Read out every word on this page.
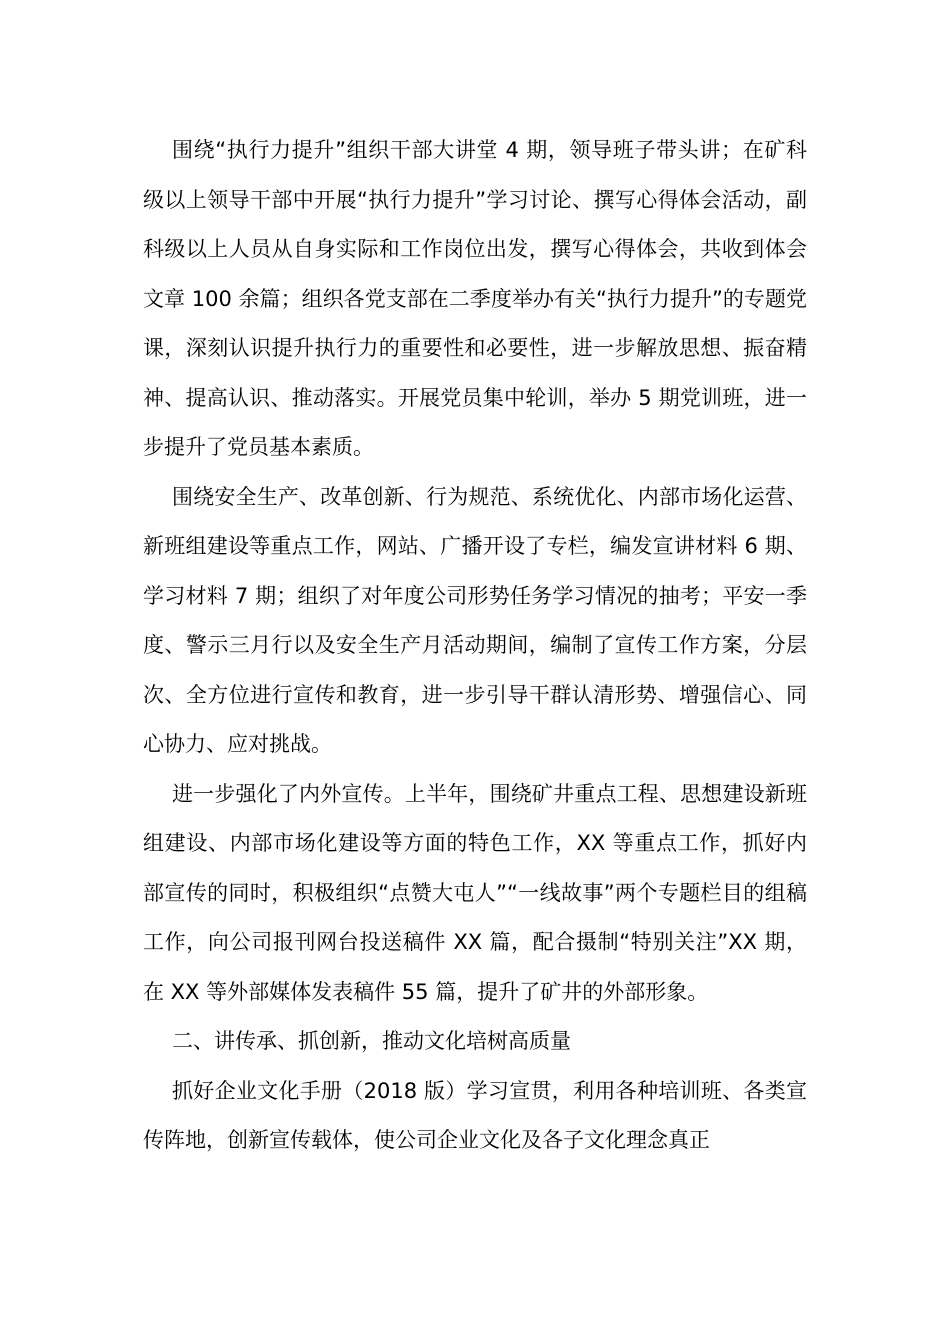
围绕“执行力提升”组织干部大讲堂 4 期，领导班子带头讲；在矿科级以上领导干部中开展“执行力提升”学习讨论、撰写心得体会活动，副科级以上人员从自身实际和工作岗位出发，撰写心得体会，共收到体会文章 100 余篇；组织各党支部在二季度举办有关“执行力提升”的专题党课，深刻认识提升执行力的重要性和必要性，进一步解放思想、振奋精神、提高认识、推动落实。开展党员集中轮训，举办 5 期党训班，进一步提升了党员基本素质。

围绕安全生产、改革创新、行为规范、系统优化、内部市场化运营、新班组建设等重点工作，网站、广播开设了专栏，编发宣讲材料 6 期、学习材料 7 期；组织了对年度公司形势任务学习情况的抽考；平安一季度、警示三月行以及安全生产月活动期间，编制了宣传工作方案，分层次、全方位进行宣传和教育，进一步引导干群认清形势、增强信心、同心协力、应对挑战。

进一步强化了内外宣传。上半年，围绕矿井重点工程、思想建设新班组建设、内部市场化建设等方面的特色工作，XX 等重点工作，抓好内部宣传的同时，积极组织“点赞大屯人”“一线故事”两个专题栏目的组稿工作，向公司报刊网台投送稿件 XX 篇，配合摄制“特别关注”XX 期，在 XX 等外部媒体发表稿件 55 篇，提升了矿井的外部形象。

二、讲传承、抓创新，推动文化培树高质量

抓好企业文化手册（2018 版）学习宣贯，利用各种培训班、各类宣传阵地，创新宣传载体，使公司企业文化及各子文化理念真正
